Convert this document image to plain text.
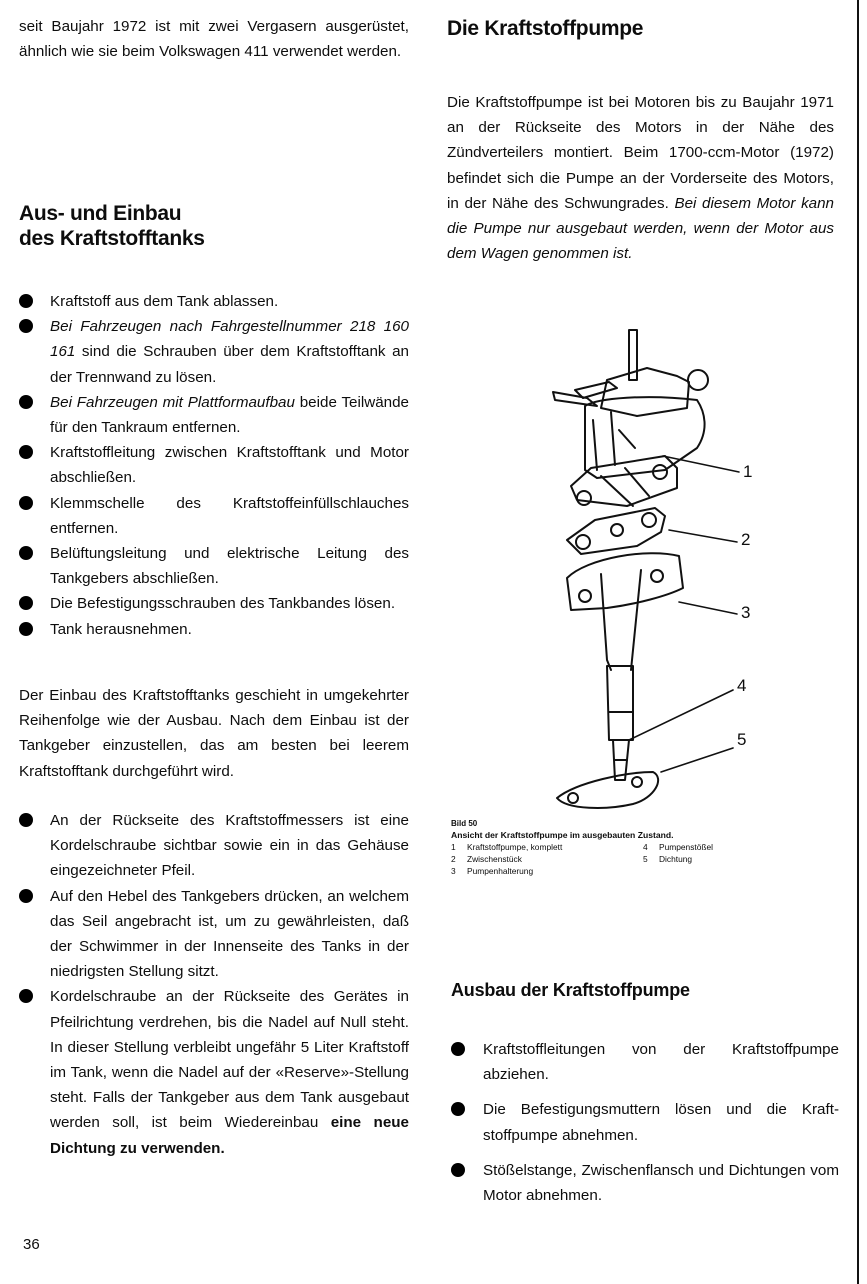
seit Baujahr 1972 ist mit zwei Vergasern ausgerüstet, ähnlich wie sie beim Volkswagen 411 verwendet werden.

Aus- und Einbau
des Kraftstofftanks
Kraftstoff aus dem Tank ablassen.
Bei Fahrzeugen nach Fahrgestellnummer 218 160 161 sind die Schrauben über dem Kraftstofftank an der Trennwand zu lösen.
Bei Fahrzeugen mit Plattformaufbau beide Teilwände für den Tankraum entfernen.
Kraftstoffleitung zwischen Kraftstofftank und Motor abschließen.
Klemmschelle des Kraftstoffeinfüllschlauches entfernen.
Belüftungsleitung und elektrische Leitung des Tankgebers abschließen.
Die Befestigungsschrauben des Tankbandes lösen.
Tank herausnehmen.

Der Einbau des Kraftstofftanks geschieht in umgekehrter Reihenfolge wie der Ausbau. Nach dem Einbau ist der Tankgeber einzustellen, das am besten bei leerem Kraftstofftank durchgeführt wird.

An der Rückseite des Kraftstoffmessers ist eine Kordelschraube sichtbar sowie ein in das Gehäuse eingezeichneter Pfeil.
Auf den Hebel des Tankgebers drücken, an welchem das Seil angebracht ist, um zu gewährleisten, daß der Schwimmer in der Innenseite des Tanks in der niedrigsten Stellung sitzt.
Kordelschraube an der Rückseite des Gerätes in Pfeilrichtung verdrehen, bis die Nadel auf Null steht. In dieser Stellung verbleibt ungefähr 5 Liter Kraftstoff im Tank, wenn die Nadel auf der «Reserve»-Stellung steht. Falls der Tankgeber aus dem Tank ausgebaut werden soll, ist beim Wiedereinbau eine neue Dichtung zu verwenden.
36
Die Kraftstoffpumpe

Die Kraftstoffpumpe ist bei Motoren bis zu Baujahr 1971 an der Rückseite des Motors in der Nähe des Zündverteilers montiert. Beim 1700-ccm-Motor (1972) befindet sich die Pumpe an der Vorderseite des Motors, in der Nähe des Schwungrades. Bei diesem Motor kann die Pumpe nur ausgebaut werden, wenn der Motor aus dem Wagen genommen ist.

1
2
3
4
5
Bild 50
Ansicht der Kraftstoffpumpe im ausgebauten Zustand.
1	Kraftstoffpumpe, komplett
2	Zwischenstück
3	Pumpenhalterung
4	Pumpenstößel
5	Dichtung
Ausbau der Kraftstoffpumpe
Kraftstoffleitungen von der Kraftstoffpumpe abziehen.
Die Befestigungsmuttern lösen und die Kraftstoffpumpe abnehmen.
Stößelstange, Zwischenflansch und Dichtungen vom Motor abnehmen.
